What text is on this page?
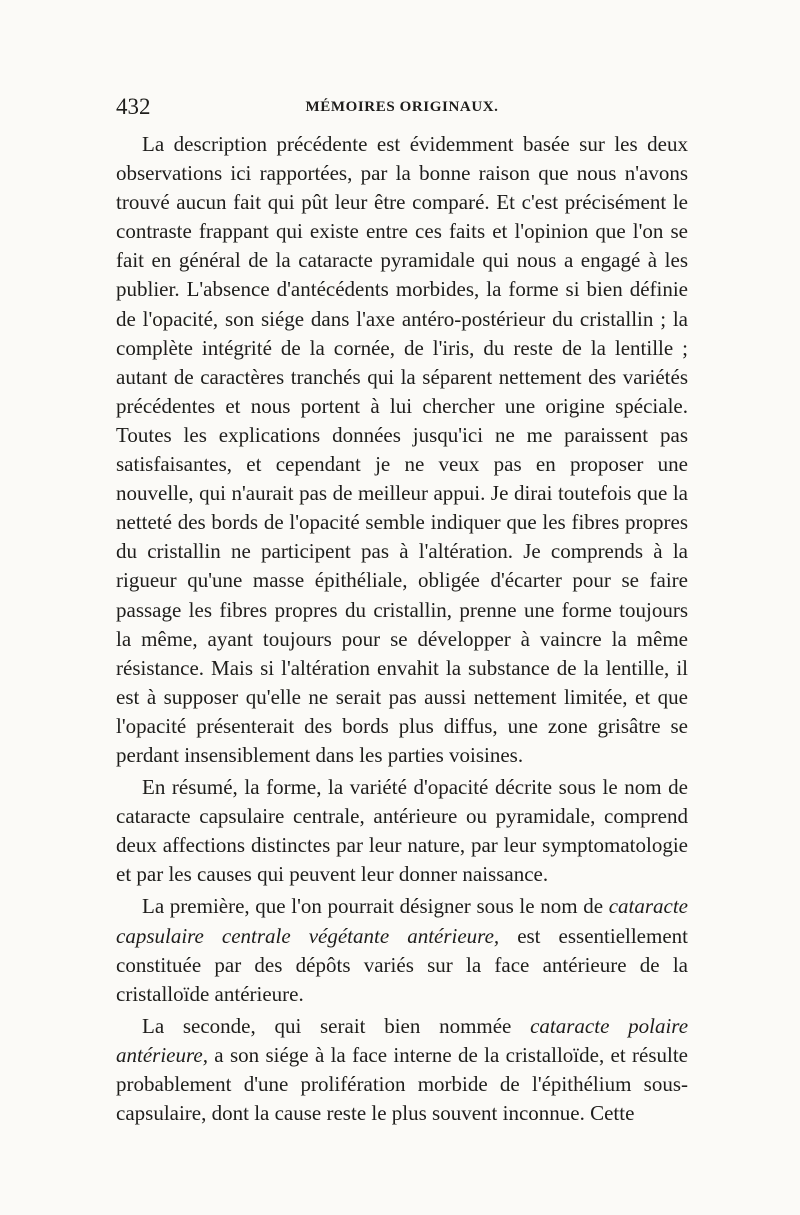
432	MÉMOIRES ORIGINAUX.

La description précédente est évidemment basée sur les deux observations ici rapportées, par la bonne raison que nous n'avons trouvé aucun fait qui pût leur être comparé. Et c'est précisément le contraste frappant qui existe entre ces faits et l'opinion que l'on se fait en général de la cataracte pyramidale qui nous a engagé à les publier. L'absence d'antécédents morbides, la forme si bien définie de l'opacité, son siége dans l'axe antéro-postérieur du cristallin ; la complète intégrité de la cornée, de l'iris, du reste de la lentille ; autant de caractères tranchés qui la séparent nettement des variétés précédentes et nous portent à lui chercher une origine spéciale. Toutes les explications données jusqu'ici ne me paraissent pas satisfaisantes, et cependant je ne veux pas en proposer une nouvelle, qui n'aurait pas de meilleur appui. Je dirai toutefois que la netteté des bords de l'opacité semble indiquer que les fibres propres du cristallin ne participent pas à l'altération. Je comprends à la rigueur qu'une masse épithéliale, obligée d'écarter pour se faire passage les fibres propres du cristallin, prenne une forme toujours la même, ayant toujours pour se développer à vaincre la même résistance. Mais si l'altération envahit la substance de la lentille, il est à supposer qu'elle ne serait pas aussi nettement limitée, et que l'opacité présenterait des bords plus diffus, une zone grisâtre se perdant insensiblement dans les parties voisines.

En résumé, la forme, la variété d'opacité décrite sous le nom de cataracte capsulaire centrale, antérieure ou pyramidale, comprend deux affections distinctes par leur nature, par leur symptomatologie et par les causes qui peuvent leur donner naissance.

La première, que l'on pourrait désigner sous le nom de cataracte capsulaire centrale végétante antérieure, est essentiellement constituée par des dépôts variés sur la face antérieure de la cristalloïde antérieure.

La seconde, qui serait bien nommée cataracte polaire antérieure, a son siége à la face interne de la cristalloïde, et résulte probablement d'une prolifération morbide de l'épithélium sous-capsulaire, dont la cause reste le plus souvent inconnue. Cette
